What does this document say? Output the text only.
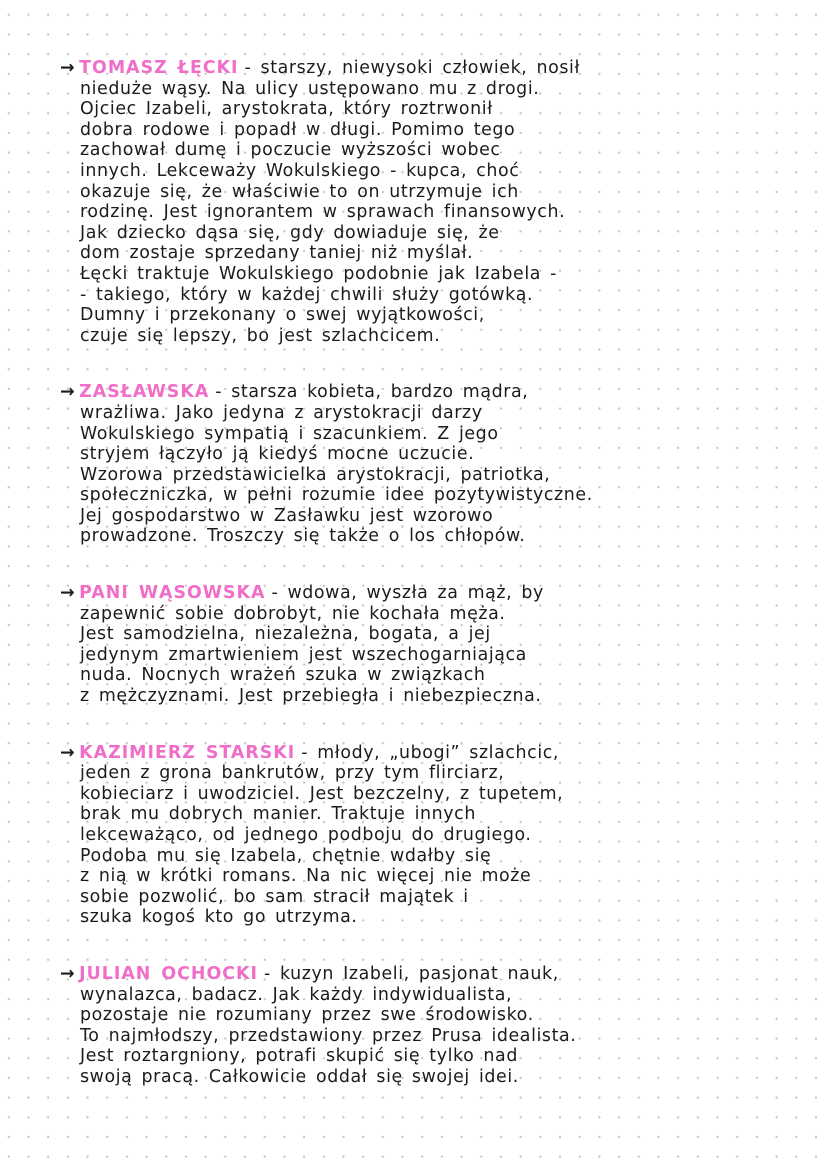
→ TOMASZ ŁĘCKI - starszy, niewysoki człowiek, nosił
nieduże wąsy. Na ulicy ustępowano mu z drogi.
Ojciec Izabeli, arystokrata, który roztrwonił
dobra rodowe i popadł w długi. Pomimo tego
zachował dumę i poczucie wyższości wobec
innych. Lekceważy Wokulskiego - kupca, choć
okazuje się, że właściwie to on utrzymuje ich
rodzinę. Jest ignorantem w sprawach finansowych.
Jak dziecko dąsa się, gdy dowiaduje się, że
dom zostaje sprzedany taniej niż myślał.
Łęcki traktuje Wokulskiego podobnie jak Izabela -
- takiego, który w każdej chwili służy gotówką.
Dumny i przekonany o swej wyjątkowości,
czuje się lepszy, bo jest szlachcicem.
→ ZASŁAWSKA - starsza kobieta, bardzo mądra,
wrażliwa. Jako jedyna z arystokracji darzy
Wokulskiego sympatią i szacunkiem. Z jego
stryjem łączyło ją kiedyś mocne uczucie.
Wzorowa przedstawicielka arystokracji, patriotka,
społeczniczka, w pełni rozumie idee pozytywistyczne.
Jej gospodarstwo w Zasławku jest wzorowo
prowadzone. Troszczy się także o los chłopów.
→ PANI WĄSOWSKA - wdowa, wyszła za mąż, by
zapewnić sobie dobrobyt, nie kochała męża.
Jest samodzielna, niezależna, bogata, a jej
jedynym zmartwieniem jest wszechogarniająca
nuda. Nocnych wrażeń szuka w związkach
z mężczyznami. Jest przebiegła i niebezpieczna.
→ KAZIMIERZ STARSKI - młody, „ubogi” szlachcic,
jeden z grona bankrutów, przy tym flirciarz,
kobieciarz i uwodziciel. Jest bezczelny, z tupetem,
brak mu dobrych manier. Traktuje innych
lekceważąco, od jednego podboju do drugiego.
Podoba mu się Izabela, chętnie wdałby się
z nią w krótki romans. Na nic więcej nie może
sobie pozwolić, bo sam stracił majątek i
szuka kogoś kto go utrzyma.
→ JULIAN OCHOCKI - kuzyn Izabeli, pasjonat nauk,
wynalazca, badacz. Jak każdy indywidualista,
pozostaje nie rozumiany przez swe środowisko.
To najmłodszy, przedstawiony przez Prusa idealista.
Jest roztargniony, potrafi skupić się tylko nad
swoją pracą. Całkowicie oddał się swojej idei.
